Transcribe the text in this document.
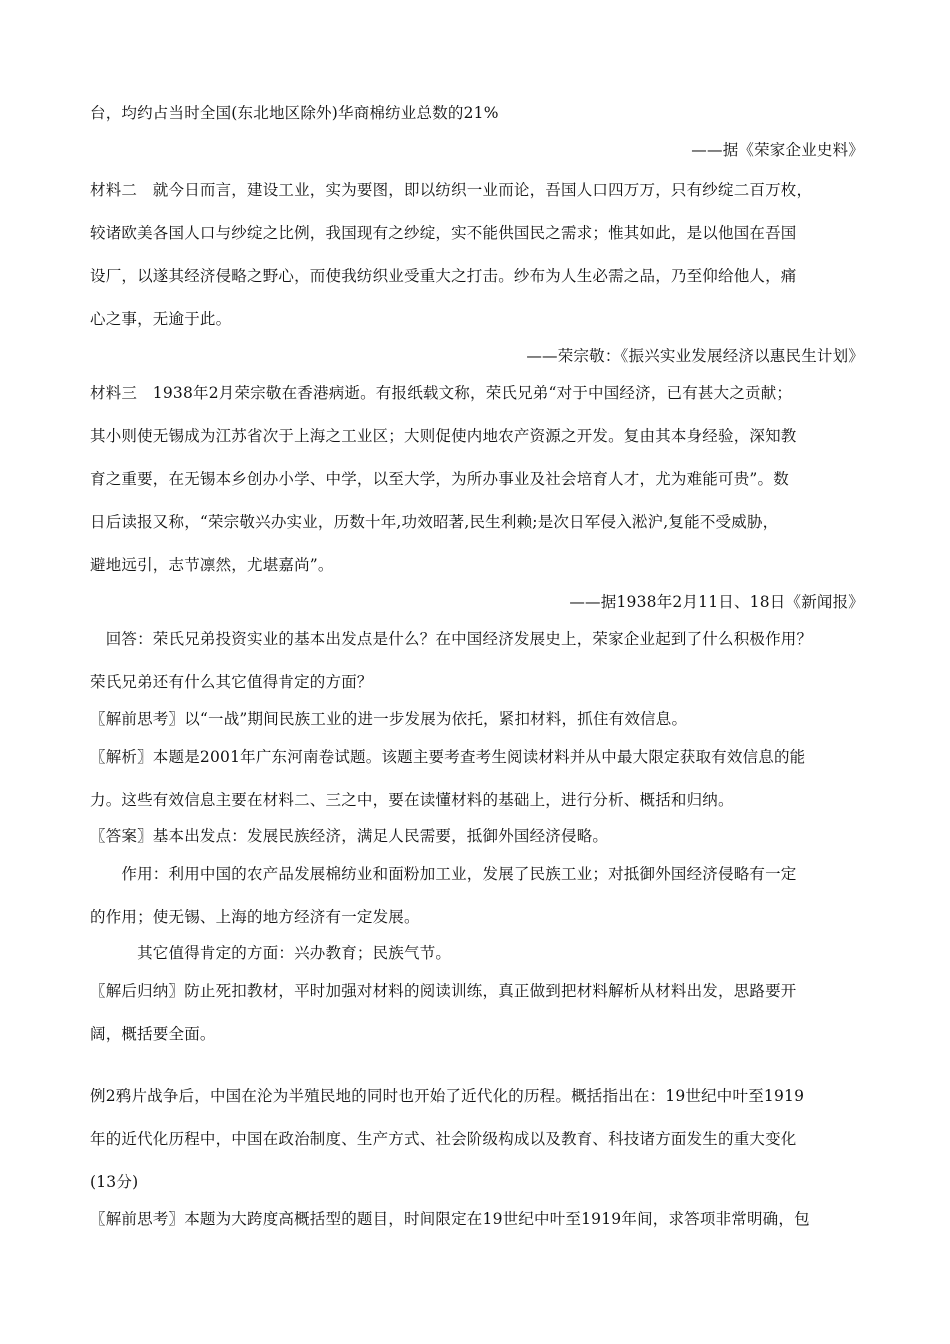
台，均约占当时全国(东北地区除外)华商棉纺业总数的21%
——据《荣家企业史料》
材料二　就今日而言，建设工业，实为要图，即以纺织一业而论，吾国人口四万万，只有纱绽二百万枚，
较诸欧美各国人口与纱绽之比例，我国现有之纱绽，实不能供国民之需求；惟其如此，是以他国在吾国
设厂，以遂其经济侵略之野心，而使我纺织业受重大之打击。纱布为人生必需之品，乃至仰给他人，痛
心之事，无逾于此。
——荣宗敬：《振兴实业发展经济以惠民生计划》
材料三　1938年2月荣宗敬在香港病逝。有报纸载文称，荣氏兄弟“对于中国经济，已有甚大之贡献；
其小则使无锡成为江苏省次于上海之工业区；大则促使内地农产资源之开发。复由其本身经验，深知教
育之重要，在无锡本乡创办小学、中学，以至大学，为所办事业及社会培育人才，尤为难能可贵”。数
日后读报又称，“荣宗敬兴办实业，历数十年,功效昭著,民生利赖;是次日军侵入淞沪,复能不受威胁，
避地远引，志节凛然，尤堪嘉尚”。
——据1938年2月11日、18日《新闻报》
　回答：荣氏兄弟投资实业的基本出发点是什么？在中国经济发展史上，荣家企业起到了什么积极作用？
荣氏兄弟还有什么其它值得肯定的方面？
〖解前思考〗以“一战”期间民族工业的进一步发展为依托，紧扣材料，抓住有效信息。
〖解析〗本题是2001年广东河南卷试题。该题主要考查考生阅读材料并从中最大限定获取有效信息的能
力。这些有效信息主要在材料二、三之中，要在读懂材料的基础上，进行分析、概括和归纳。
〖答案〗基本出发点：发展民族经济，满足人民需要，抵御外国经济侵略。
　　作用：利用中国的农产品发展棉纺业和面粉加工业，发展了民族工业；对抵御外国经济侵略有一定
的作用；使无锡、上海的地方经济有一定发展。
　　　其它值得肯定的方面：兴办教育；民族气节。
〖解后归纳〗防止死扣教材，平时加强对材料的阅读训练，真正做到把材料解析从材料出发，思路要开
阔，概括要全面。
例2鸦片战争后，中国在沦为半殖民地的同时也开始了近代化的历程。概括指出在：19世纪中叶至1919
年的近代化历程中，中国在政治制度、生产方式、社会阶级构成以及教育、科技诸方面发生的重大变化
(13分)
〖解前思考〗本题为大跨度高概括型的题目，时间限定在19世纪中叶至1919年间，求答项非常明确，包
